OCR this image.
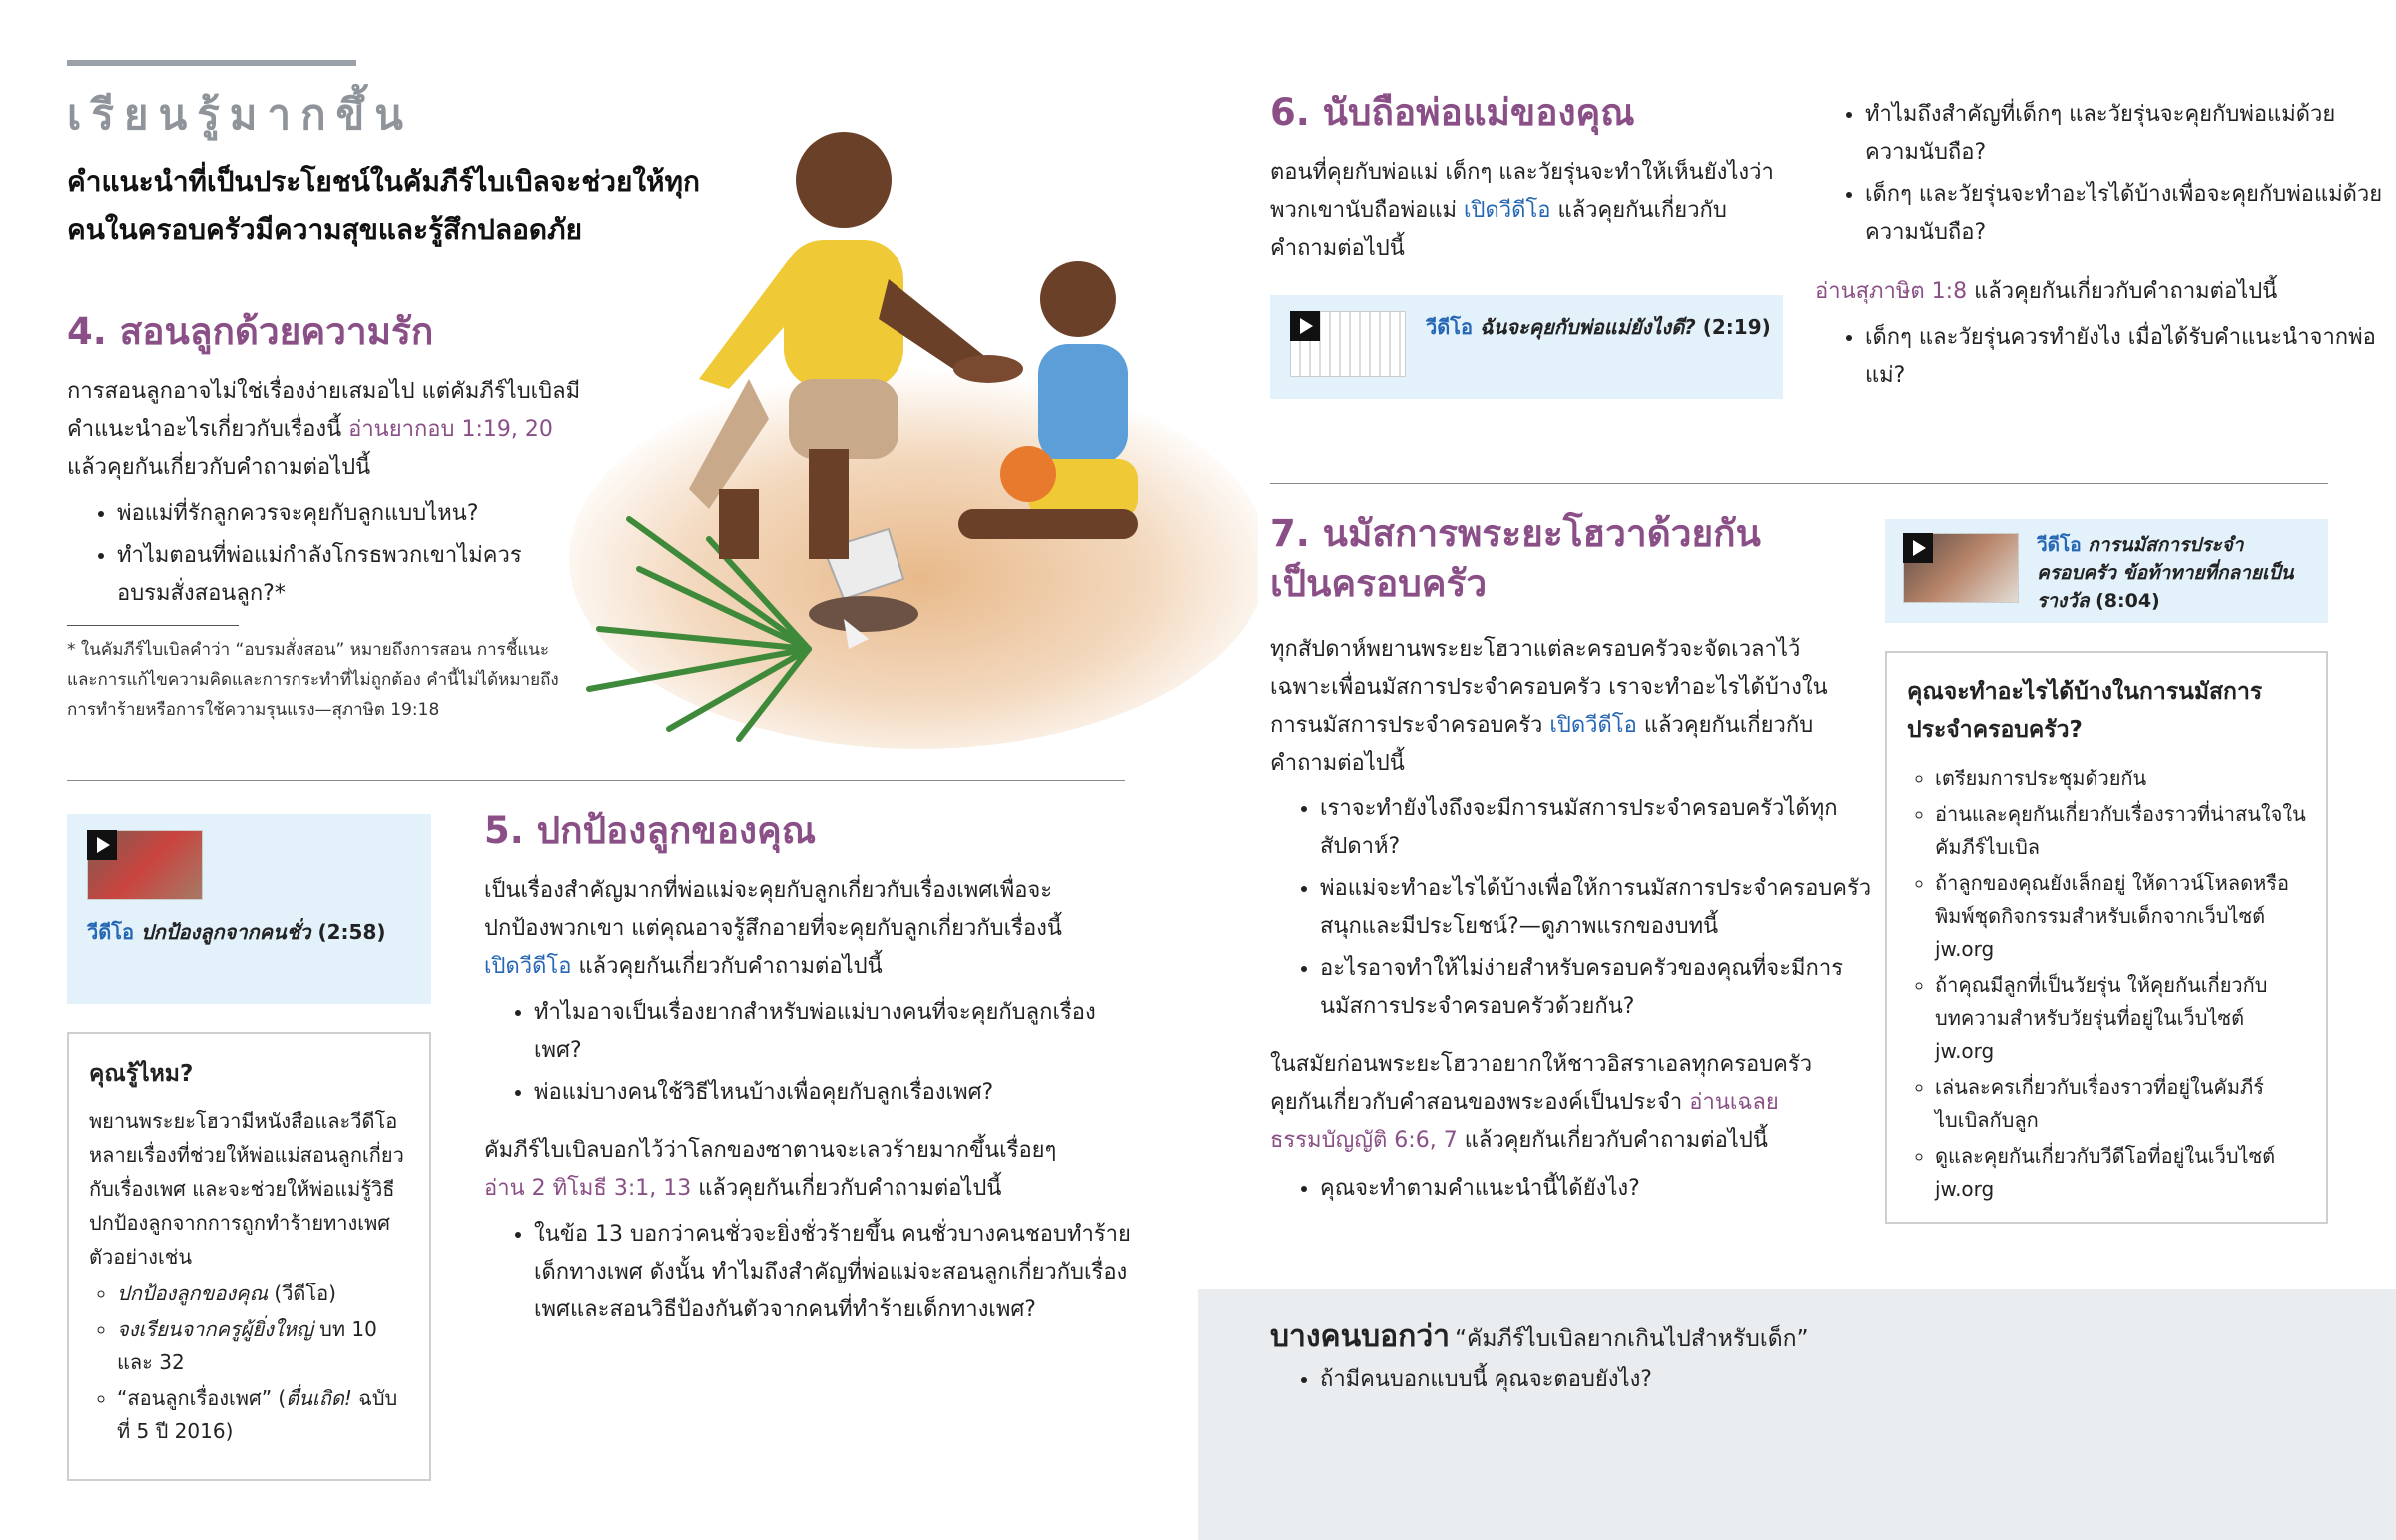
เรียนรู้มากขึ้น
คำแนะนำที่เป็นประโยชน์ในคัมภีร์ไบเบิลจะช่วยให้ทุกคนในครอบครัวมีความสุขและรู้สึกปลอดภัย
4. สอนลูกด้วยความรัก
การสอนลูกอาจไม่ใช่เรื่องง่ายเสมอไป แต่คัมภีร์ไบเบิลมีคำแนะนำอะไรเกี่ยวกับเรื่องนี้ อ่านยากอบ 1:19, 20 แล้วคุยกันเกี่ยวกับคำถามต่อไปนี้
• พ่อแม่ที่รักลูกควรจะคุยกับลูกแบบไหน?
• ทำไมตอนที่พ่อแม่กำลังโกรธพวกเขาไม่ควรอบรมสั่งสอนลูก?*
* ในคัมภีร์ไบเบิลคำว่า “อบรมสั่งสอน” หมายถึงการสอน การชี้แนะ และการแก้ไขความคิดและการกระทำที่ไม่ถูกต้อง คำนี้ไม่ได้หมายถึงการทำร้ายหรือการใช้ความรุนแรง—สุภาษิต 19:18
วีดีโอ ปกป้องลูกจากคนชั่ว (2:58)
คุณรู้ไหม?
พยานพระยะโฮวามีหนังสือและวีดีโอหลายเรื่องที่ช่วยให้พ่อแม่สอนลูกเกี่ยวกับเรื่องเพศ และจะช่วยให้พ่อแม่รู้วิธีปกป้องลูกจากการถูกทำร้ายทางเพศ ตัวอย่างเช่น
◦ ปกป้องลูกของคุณ (วีดีโอ)
◦ จงเรียนจากครูผู้ยิ่งใหญ่ บท 10 และ 32
◦ “สอนลูกเรื่องเพศ” (ตื่นเถิด! ฉบับที่ 5 ปี 2016)
5. ปกป้องลูกของคุณ
เป็นเรื่องสำคัญมากที่พ่อแม่จะคุยกับลูกเกี่ยวกับเรื่องเพศเพื่อจะปกป้องพวกเขา แต่คุณอาจรู้สึกอายที่จะคุยกับลูกเกี่ยวกับเรื่องนี้ เปิดวีดีโอ แล้วคุยกันเกี่ยวกับคำถามต่อไปนี้
• ทำไมอาจเป็นเรื่องยากสำหรับพ่อแม่บางคนที่จะคุยกับลูกเรื่องเพศ?
• พ่อแม่บางคนใช้วิธีไหนบ้างเพื่อคุยกับลูกเรื่องเพศ?
คัมภีร์ไบเบิลบอกไว้ว่าโลกของซาตานจะเลวร้ายมากขึ้นเรื่อยๆ อ่าน 2 ทิโมธี 3:1, 13 แล้วคุยกันเกี่ยวกับคำถามต่อไปนี้
• ในข้อ 13 บอกว่าคนชั่วจะยิ่งชั่วร้ายขึ้น คนชั่วบางคนชอบทำร้ายเด็กทางเพศ ดังนั้น ทำไมถึงสำคัญที่พ่อแม่จะสอนลูกเกี่ยวกับเรื่องเพศและสอนวิธีป้องกันตัวจากคนที่ทำร้ายเด็กทางเพศ?
6. นับถือพ่อแม่ของคุณ
ตอนที่คุยกับพ่อแม่ เด็กๆ และวัยรุ่นจะทำให้เห็นยังไงว่าพวกเขานับถือพ่อแม่ เปิดวีดีโอ แล้วคุยกันเกี่ยวกับคำถามต่อไปนี้
วีดีโอ ฉันจะคุยกับพ่อแม่ยังไงดี? (2:19)
• ทำไมถึงสำคัญที่เด็กๆ และวัยรุ่นจะคุยกับพ่อแม่ด้วยความนับถือ?
• เด็กๆ และวัยรุ่นจะทำอะไรได้บ้างเพื่อจะคุยกับพ่อแม่ด้วยความนับถือ?
อ่านสุภาษิต 1:8 แล้วคุยกันเกี่ยวกับคำถามต่อไปนี้
• เด็กๆ และวัยรุ่นควรทำยังไง เมื่อได้รับคำแนะนำจากพ่อแม่?
7. นมัสการพระยะโฮวาด้วยกัน
เป็นครอบครัว
ทุกสัปดาห์พยานพระยะโฮวาแต่ละครอบครัวจะจัดเวลาไว้เฉพาะเพื่อนมัสการประจำครอบครัว เราจะทำอะไรได้บ้างในการนมัสการประจำครอบครัว เปิดวีดีโอ แล้วคุยกันเกี่ยวกับคำถามต่อไปนี้
• เราจะทำยังไงถึงจะมีการนมัสการประจำครอบครัวได้ทุกสัปดาห์?
• พ่อแม่จะทำอะไรได้บ้างเพื่อให้การนมัสการประจำครอบครัวสนุกและมีประโยชน์?—ดูภาพแรกของบทนี้
• อะไรอาจทำให้ไม่ง่ายสำหรับครอบครัวของคุณที่จะมีการนมัสการประจำครอบครัวด้วยกัน?
ในสมัยก่อนพระยะโฮวาอยากให้ชาวอิสราเอลทุกครอบครัวคุยกันเกี่ยวกับคำสอนของพระองค์เป็นประจำ อ่านเฉลยธรรมบัญญัติ 6:6, 7 แล้วคุยกันเกี่ยวกับคำถามต่อไปนี้
• คุณจะทำตามคำแนะนำนี้ได้ยังไง?
วีดีโอ การนมัสการประจำครอบครัว ข้อท้าทายที่กลายเป็นรางวัล (8:04)
คุณจะทำอะไรได้บ้างในการนมัสการประจำครอบครัว?
◦ เตรียมการประชุมด้วยกัน
◦ อ่านและคุยกันเกี่ยวกับเรื่องราวที่น่าสนใจในคัมภีร์ไบเบิล
◦ ถ้าลูกของคุณยังเล็กอยู่ ให้ดาวน์โหลดหรือพิมพ์ชุดกิจกรรมสำหรับเด็กจากเว็บไซต์ jw.org
◦ ถ้าคุณมีลูกที่เป็นวัยรุ่น ให้คุยกันเกี่ยวกับบทความสำหรับวัยรุ่นที่อยู่ในเว็บไซต์ jw.org
◦ เล่นละครเกี่ยวกับเรื่องราวที่อยู่ในคัมภีร์ไบเบิลกับลูก
◦ ดูและคุยกันเกี่ยวกับวีดีโอที่อยู่ในเว็บไซต์ jw.org
บางคนบอกว่า “คัมภีร์ไบเบิลยากเกินไปสำหรับเด็ก”
• ถ้ามีคนบอกแบบนี้ คุณจะตอบยังไง?
